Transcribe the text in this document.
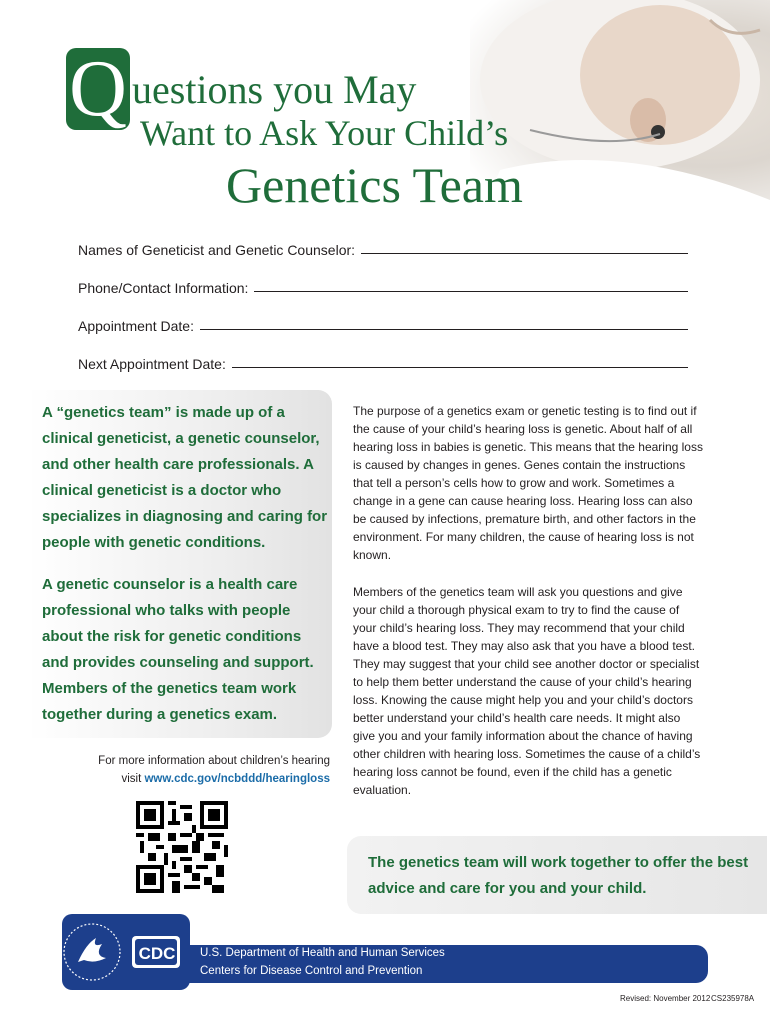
Q uestions you May
Want to Ask Your Child’s
Genetics Team
Names of Geneticist and Genetic Counselor:
Phone/Contact Information:
Appointment Date:
Next Appointment Date:
A “genetics team” is made up of a clinical geneticist, a genetic counselor, and other health care professionals. A clinical geneticist is a doctor who specializes in diagnosing and caring for people with genetic conditions.
A genetic counselor is a health care professional who talks with people about the risk for genetic conditions and provides counseling and support. Members of the genetics team work together during a genetics exam.
For more information about children’s hearing
visit www.cdc.gov/ncbddd/hearingloss
The purpose of a genetics exam or genetic testing is to find out if the cause of your child’s hearing loss is genetic. About half of all hearing loss in babies is genetic. This means that the hearing loss is caused by changes in genes. Genes contain the instructions that tell a person’s cells how to grow and work. Sometimes a change in a gene can cause hearing loss. Hearing loss can also be caused by infections, premature birth, and other factors in the environment. For many children, the cause of hearing loss is not known.
Members of the genetics team will ask you questions and give your child a thorough physical exam to try to find the cause of your child’s hearing loss. They may recommend that your child have a blood test. They may also ask that you have a blood test. They may suggest that your child see another doctor or specialist to help them better understand the cause of your child’s hearing loss. Knowing the cause might help you and your child’s doctors better understand your child’s health care needs. It might also give you and your family information about the chance of having other children with hearing loss. Sometimes the cause of a child’s hearing loss cannot be found, even if the child has a genetic evaluation.
The genetics team will work together to offer the best advice and care for you and your child.
CDC U.S. Department of Health and Human Services
Centers for Disease Control and Prevention
Revised: November 2012 CS235978A
